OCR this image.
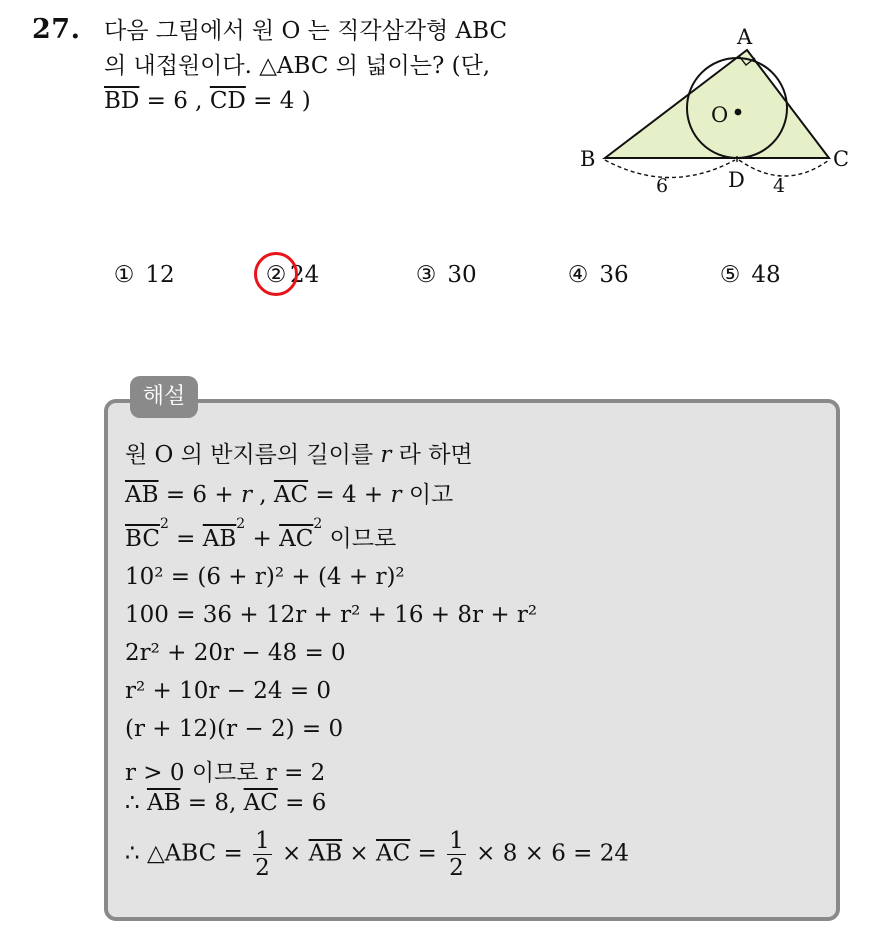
27. 다음 그림에서 원 O 는 직각삼각형 ABC
의 내접원이다. △ABC 의 넓이는? (단,
$\overline{BD} = 6$ , $\overline{CD} = 4$ )
A
B	C
D
O
6	4
① 12	② 24	③ 30	④ 36	⑤ 48
해설
원 O 의 반지름의 길이를 r 라 하면
$\overline{AB} = 6 + r$ , $\overline{AC} = 4 + r$ 이고
$\overline{BC}^2 = \overline{AB}^2 + \overline{AC}^2$ 이므로
10² = (6 + r)² + (4 + r)²
100 = 36 + 12r + r² + 16 + 8r + r²
2r² + 20r − 48 = 0
r² + 10r − 24 = 0
(r + 12)(r − 2) = 0
r > 0 이므로 r = 2
∴ $\overline{AB} = 8$, $\overline{AC} = 6$
∴ △ABC = $\frac{1}{2} \times \overline{AB} \times \overline{AC} = \frac{1}{2} \times 8 \times 6 = 24$
